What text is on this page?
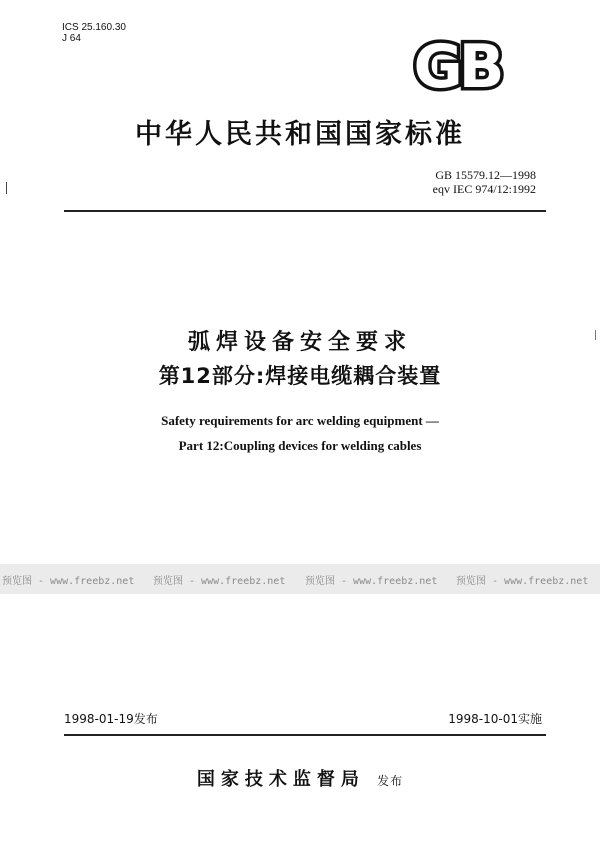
ICS 25.160.30
J 64	GB
中华人民共和国国家标准
GB 15579.12—1998
eqv IEC 974/12:1992
弧焊设备安全要求
第12部分:焊接电缆耦合装置
Safety requirements for arc welding equipment —
Part 12:Coupling devices for welding cables
预览图 - www.freebz.net 预览图 - www.freebz.net 预览图 - www.freebz.net 预览图 - www.freebz.net
1998-01-19发布	1998-10-01实施
国家技术监督局 发布
